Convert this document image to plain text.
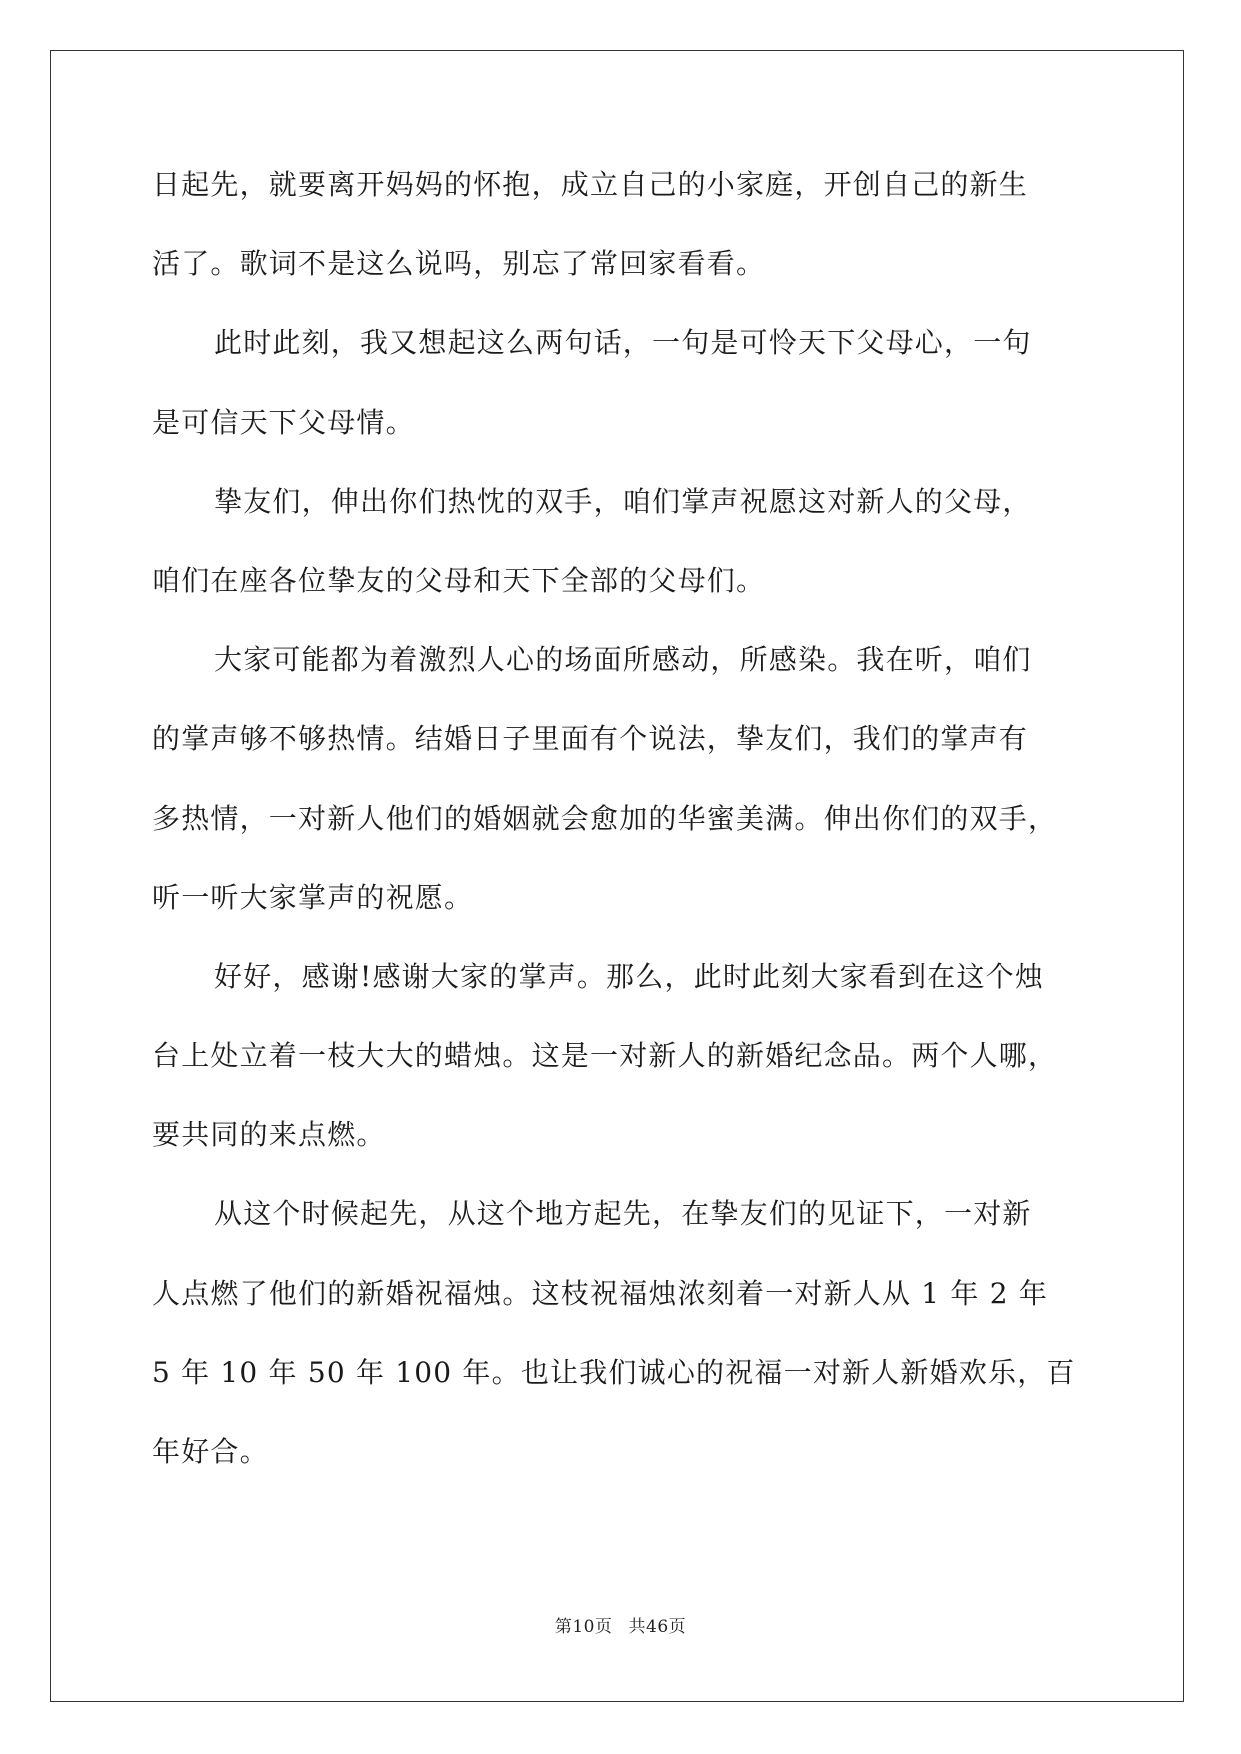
日起先，就要离开妈妈的怀抱，成立自己的小家庭，开创自己的新生
活了。歌词不是这么说吗，别忘了常回家看看。
此时此刻，我又想起这么两句话，一句是可怜天下父母心，一句
是可信天下父母情。
挚友们，伸出你们热忱的双手，咱们掌声祝愿这对新人的父母，
咱们在座各位挚友的父母和天下全部的父母们。
大家可能都为着激烈人心的场面所感动，所感染。我在听，咱们
的掌声够不够热情。结婚日子里面有个说法，挚友们，我们的掌声有
多热情，一对新人他们的婚姻就会愈加的华蜜美满。伸出你们的双手，
听一听大家掌声的祝愿。
好好，感谢!感谢大家的掌声。那么，此时此刻大家看到在这个烛
台上处立着一枝大大的蜡烛。这是一对新人的新婚纪念品。两个人哪，
要共同的来点燃。
从这个时候起先，从这个地方起先，在挚友们的见证下，一对新
人点燃了他们的新婚祝福烛。这枝祝福烛浓刻着一对新人从 1 年 2 年
5 年 10 年 50 年 100 年。也让我们诚心的祝福一对新人新婚欢乐，百
年好合。
第10页 共46页
